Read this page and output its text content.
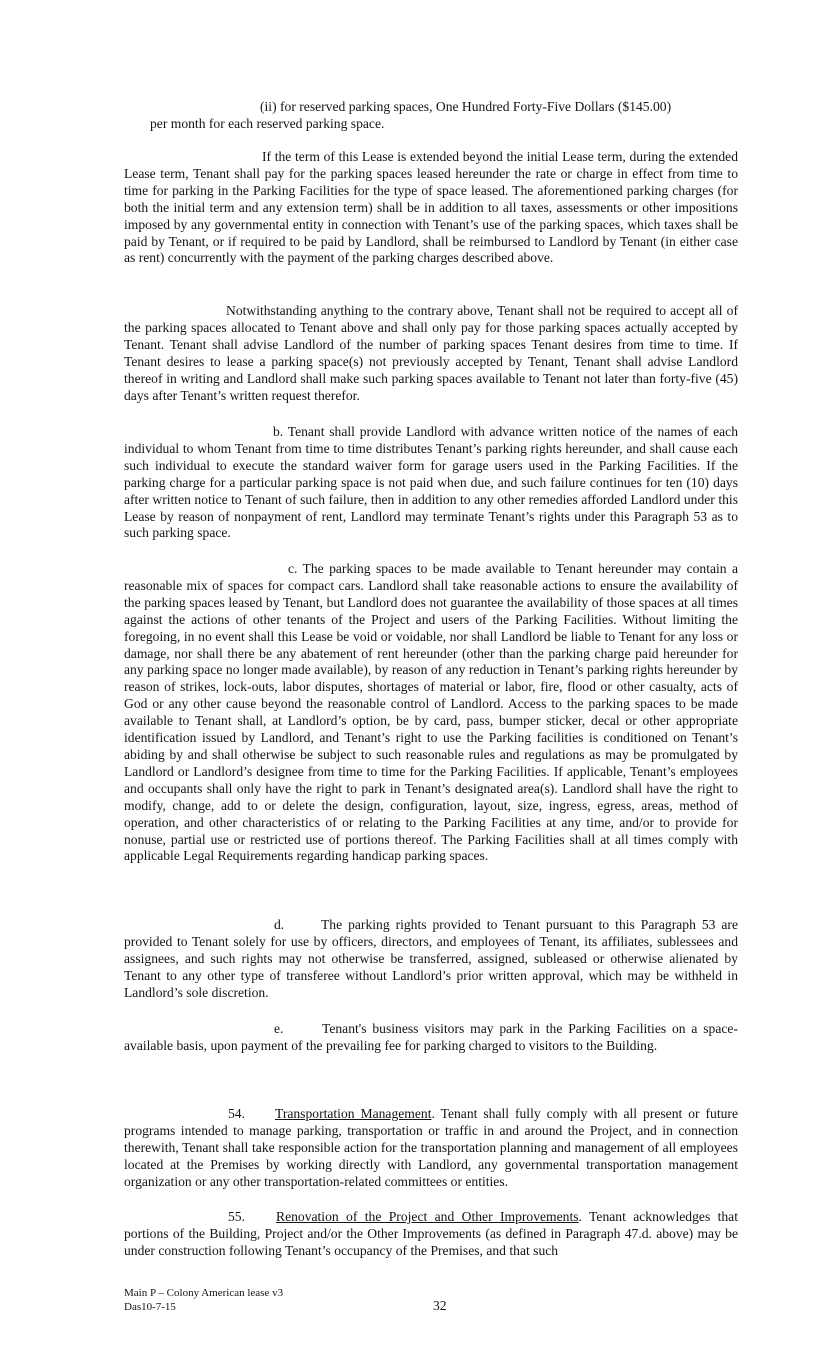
(ii) for reserved parking spaces, One Hundred Forty-Five Dollars ($145.00)
per month for each reserved parking space.

If the term of this Lease is extended beyond the initial Lease term, during the extended Lease term, Tenant shall pay for the parking spaces leased hereunder the rate or charge in effect from time to time for parking in the Parking Facilities for the type of space leased. The aforementioned parking charges (for both the initial term and any extension term) shall be in addition to all taxes, assessments or other impositions imposed by any governmental entity in connection with Tenant’s use of the parking spaces, which taxes shall be paid by Tenant, or if required to be paid by Landlord, shall be reimbursed to Landlord by Tenant (in either case as rent) concurrently with the payment of the parking charges described above.

Notwithstanding anything to the contrary above, Tenant shall not be required to accept all of the parking spaces allocated to Tenant above and shall only pay for those parking spaces actually accepted by Tenant. Tenant shall advise Landlord of the number of parking spaces Tenant desires from time to time. If Tenant desires to lease a parking space(s) not previously accepted by Tenant, Tenant shall advise Landlord thereof in writing and Landlord shall make such parking spaces available to Tenant not later than forty-five (45) days after Tenant’s written request therefor.

b. Tenant shall provide Landlord with advance written notice of the names of each individual to whom Tenant from time to time distributes Tenant’s parking rights hereunder, and shall cause each such individual to execute the standard waiver form for garage users used in the Parking Facilities. If the parking charge for a particular parking space is not paid when due, and such failure continues for ten (10) days after written notice to Tenant of such failure, then in addition to any other remedies afforded Landlord under this Lease by reason of nonpayment of rent, Landlord may terminate Tenant’s rights under this Paragraph 53 as to such parking space.

c. The parking spaces to be made available to Tenant hereunder may contain a reasonable mix of spaces for compact cars. Landlord shall take reasonable actions to ensure the availability of the parking spaces leased by Tenant, but Landlord does not guarantee the availability of those spaces at all times against the actions of other tenants of the Project and users of the Parking Facilities. Without limiting the foregoing, in no event shall this Lease be void or voidable, nor shall Landlord be liable to Tenant for any loss or damage, nor shall there be any abatement of rent hereunder (other than the parking charge paid hereunder for any parking space no longer made available), by reason of any reduction in Tenant’s parking rights hereunder by reason of strikes, lock-outs, labor disputes, shortages of material or labor, fire, flood or other casualty, acts of God or any other cause beyond the reasonable control of Landlord. Access to the parking spaces to be made available to Tenant shall, at Landlord’s option, be by card, pass, bumper sticker, decal or other appropriate identification issued by Landlord, and Tenant’s right to use the Parking facilities is conditioned on Tenant’s abiding by and shall otherwise be subject to such reasonable rules and regulations as may be promulgated by Landlord or Landlord’s designee from time to time for the Parking Facilities. If applicable, Tenant’s employees and occupants shall only have the right to park in Tenant’s designated area(s). Landlord shall have the right to modify, change, add to or delete the design, configuration, layout, size, ingress, egress, areas, method of operation, and other characteristics of or relating to the Parking Facilities at any time, and/or to provide for nonuse, partial use or restricted use of portions thereof. The Parking Facilities shall at all times comply with applicable Legal Requirements regarding handicap parking spaces.

d.	The parking rights provided to Tenant pursuant to this Paragraph 53 are provided to Tenant solely for use by officers, directors, and employees of Tenant, its affiliates, sublessees and assignees, and such rights may not otherwise be transferred, assigned, subleased or otherwise alienated by Tenant to any other type of transferee without Landlord’s prior written approval, which may be withheld in Landlord’s sole discretion.

e.	Tenant's business visitors may park in the Parking Facilities on a space-available basis, upon payment of the prevailing fee for parking charged to visitors to the Building.

54. Transportation Management. Tenant shall fully comply with all present or future programs intended to manage parking, transportation or traffic in and around the Project, and in connection therewith, Tenant shall take responsible action for the transportation planning and management of all employees located at the Premises by working directly with Landlord, any governmental transportation management organization or any other transportation-related committees or entities.

55. Renovation of the Project and Other Improvements. Tenant acknowledges that portions of the Building, Project and/or the Other Improvements (as defined in Paragraph 47.d. above) may be under construction following Tenant’s occupancy of the Premises, and that such

Main P – Colony American lease v3
Das10-7-15	32
